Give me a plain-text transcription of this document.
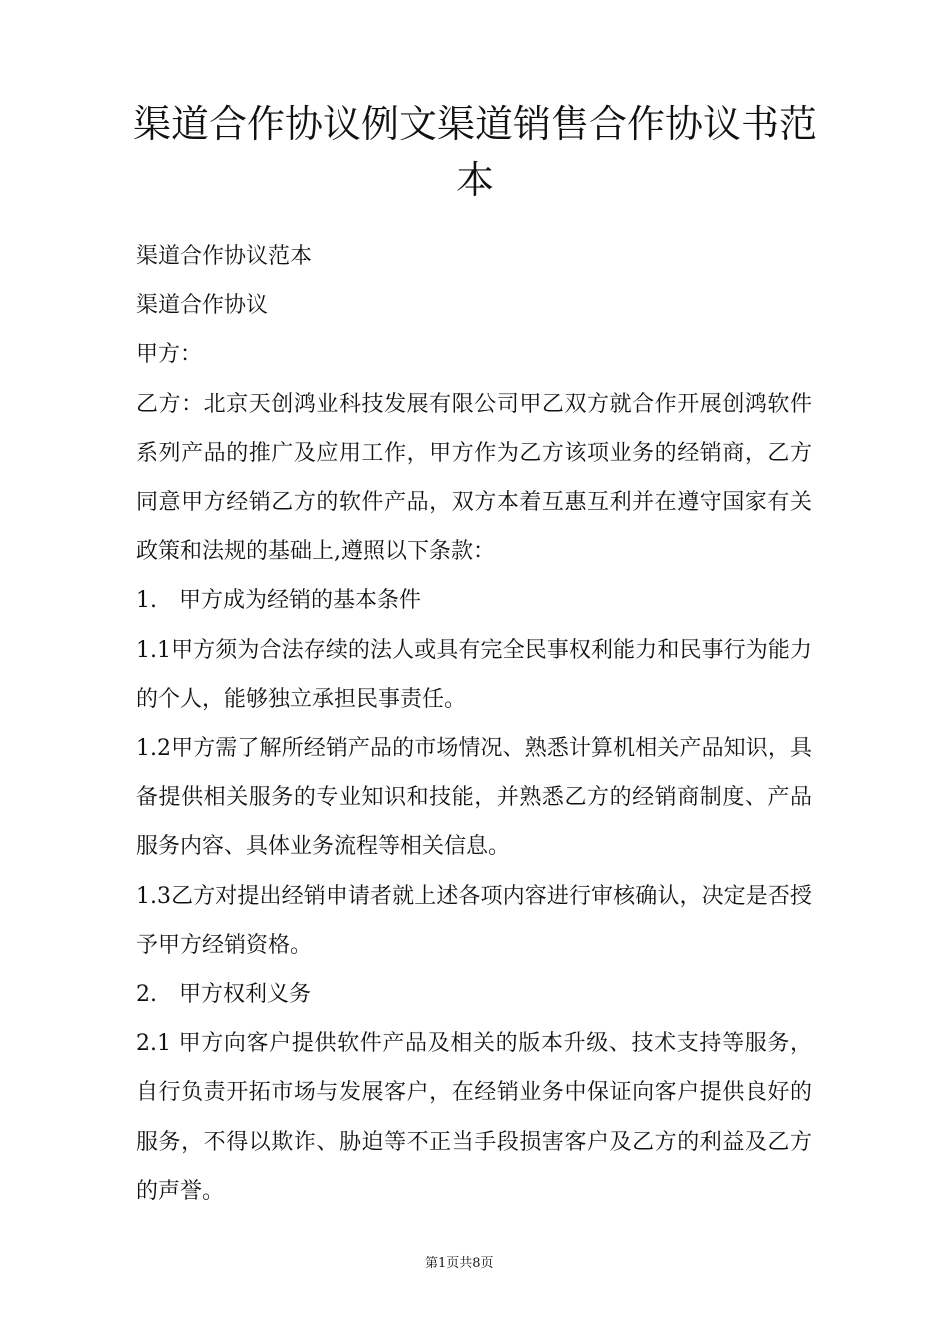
渠道合作协议例文渠道销售合作协议书范本

渠道合作协议范本

渠道合作协议

甲方：

乙方：北京天创鸿业科技发展有限公司甲乙双方就合作开展创鸿软件系列产品的推广及应用工作，甲方作为乙方该项业务的经销商，乙方同意甲方经销乙方的软件产品，双方本着互惠互利并在遵守国家有关政策和法规的基础上,遵照以下条款：

1.　甲方成为经销的基本条件

1.1甲方须为合法存续的法人或具有完全民事权利能力和民事行为能力的个人，能够独立承担民事责任。

1.2甲方需了解所经销产品的市场情况、熟悉计算机相关产品知识，具备提供相关服务的专业知识和技能，并熟悉乙方的经销商制度、产品服务内容、具体业务流程等相关信息。

1.3乙方对提出经销申请者就上述各项内容进行审核确认，决定是否授予甲方经销资格。

2.　甲方权利义务

2.1 甲方向客户提供软件产品及相关的版本升级、技术支持等服务，自行负责开拓市场与发展客户，在经销业务中保证向客户提供良好的服务，不得以欺诈、胁迫等不正当手段损害客户及乙方的利益及乙方的声誉。

第1页共8页
